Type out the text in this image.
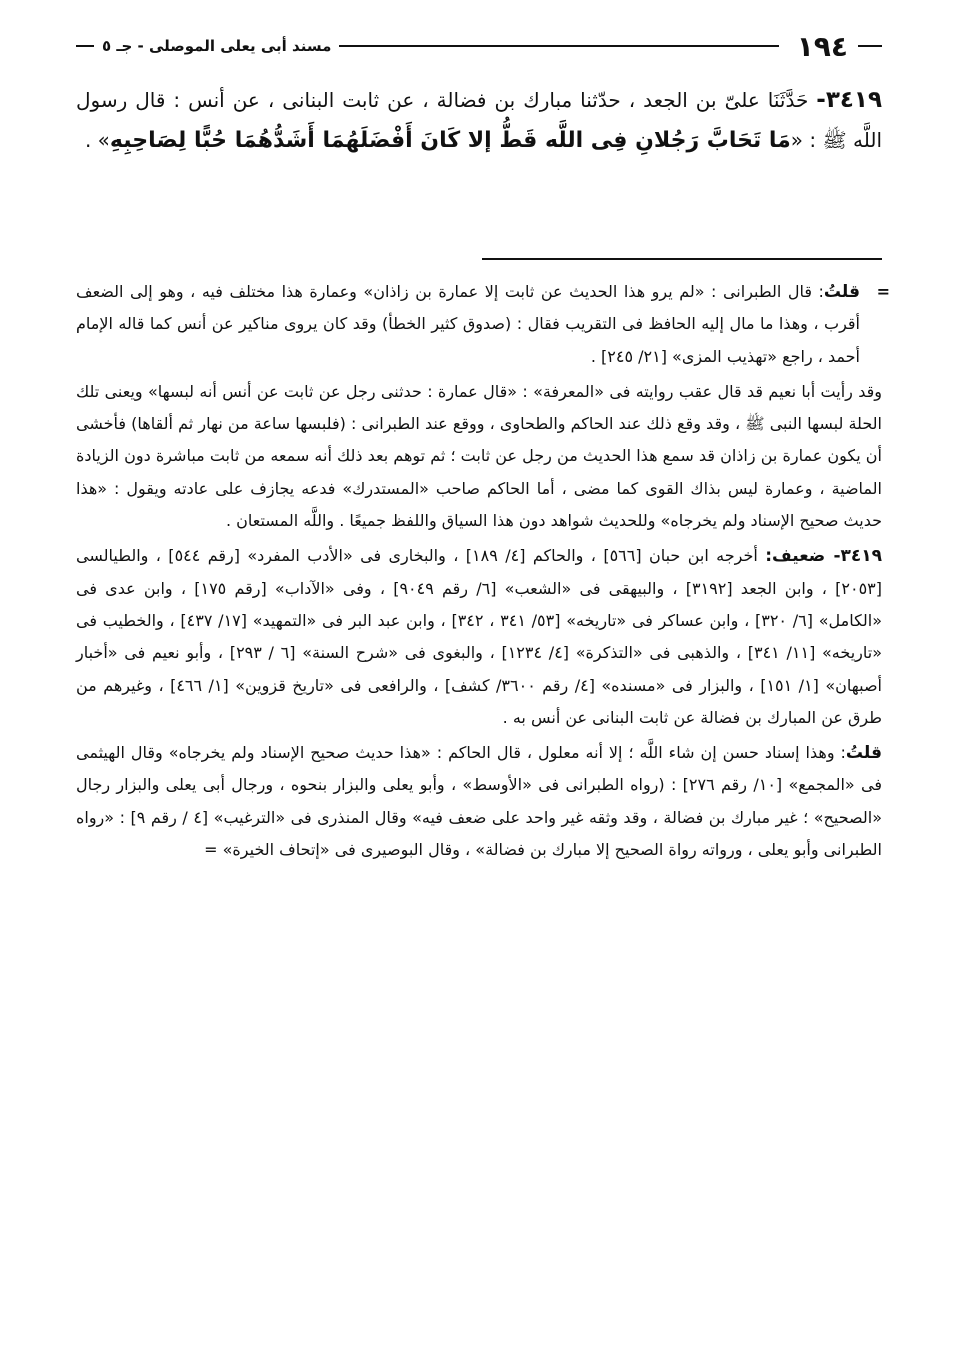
١٩٤
مسند أبى يعلى الموصلى - جـ ٥
٣٤١٩- حَدَّثَنَا علىّ بن الجعد ، حدّثنا مبارك بن فضالة ، عن ثابت البنانى ، عن أنس : قال رسول اللَّه ﷺ : «مَا تَحَابَّ رَجُلانِ فِى اللَّه قَطُّ إلا كَانَ أَفْضَلَهُمَا أَشَدُّهُمَا حُبًّا لِصَاحِبِهِ» .

=
قلتُ: قال الطبرانى : «لم يرو هذا الحديث عن ثابت إلا عمارة بن زاذان» وعمارة هذا مختلف فيه ، وهو إلى الضعف أقرب ، وهذا ما مال إليه الحافظ فى التقريب فقال : (صدوق كثير الخطأ) وقد كان يروى مناكير عن أنس كما قاله الإمام أحمد ، راجع «تهذيب المزى» [٢١/ ٢٤٥] .

وقد رأيت أبا نعيم قد قال عقب روايته فى «المعرفة» : «قال عمارة : حدثنى رجل عن ثابت عن أنس أنه لبسها» ويعنى تلك الحلة لبسها النبى ﷺ ، وقد وقع ذلك عند الحاكم والطحاوى ، ووقع عند الطبرانى : (فلبسها ساعة من نهار ثم ألقاها) فأخشى أن يكون عمارة بن زاذان قد سمع هذا الحديث من رجل عن ثابت ؛ ثم توهم بعد ذلك أنه سمعه من ثابت مباشرة دون الزيادة الماضية ، وعمارة ليس بذاك القوى كما مضى ، أما الحاكم صاحب «المستدرك» فدعه يجازف على عادته ويقول : «هذا حديث صحيح الإسناد ولم يخرجاه» وللحديث شواهد دون هذا السياق واللفظ جميعًا . واللَّه المستعان .

٣٤١٩- ضعيف: أخرجه ابن حبان [٥٦٦] ، والحاكم [٤/ ١٨٩] ، والبخارى فى «الأدب المفرد» [رقم ٥٤٤] ، والطيالسى [٢٠٥٣] ، وابن الجعد [٣١٩٢] ، والبيهقى فى «الشعب» [٦/ رقم ٩٠٤٩] ، وفى «الآداب» [رقم ١٧٥] ، وابن عدى فى «الكامل» [٦/ ٣٢٠] ، وابن عساكر فى «تاريخه» [٥٣/ ٣٤١ ، ٣٤٢] ، وابن عبد البر فى «التمهيد» [١٧/ ٤٣٧] ، والخطيب فى «تاريخه» [١١/ ٣٤١] ، والذهبى فى «التذكرة» [٤/ ١٢٣٤] ، والبغوى فى «شرح السنة» [٦ / ٢٩٣] ، وأبو نعيم فى «أخبار أصبهان» [١/ ١٥١] ، والبزار فى «مسنده» [٤/ رقم ٣٦٠٠/ كشف] ، والرافعى فى «تاريخ قزوين» [١/ ٤٦٦] ، وغيرهم من طرق عن المبارك بن فضالة عن ثابت البنانى عن أنس به .

قلتُ: وهذا إسناد حسن إن شاء اللَّه ؛ إلا أنه معلول ، قال الحاكم : «هذا حديث صحيح الإسناد ولم يخرجاه» وقال الهيثمى فى «المجمع» [١٠/ رقم ٢٧٦] : (رواه الطبرانى فى «الأوسط» ، وأبو يعلى والبزار بنحوه ، ورجال أبى يعلى والبزار رجال «الصحيح» ؛ غير مبارك بن فضالة ، وقد وثقه غير واحد على ضعف فيه» وقال المنذرى فى «الترغيب» [٤ / رقم ٩] : «رواه الطبرانى وأبو يعلى ، ورواته رواة الصحيح إلا مبارك بن فضالة» ، وقال البوصيرى فى «إتحاف الخيرة» =
